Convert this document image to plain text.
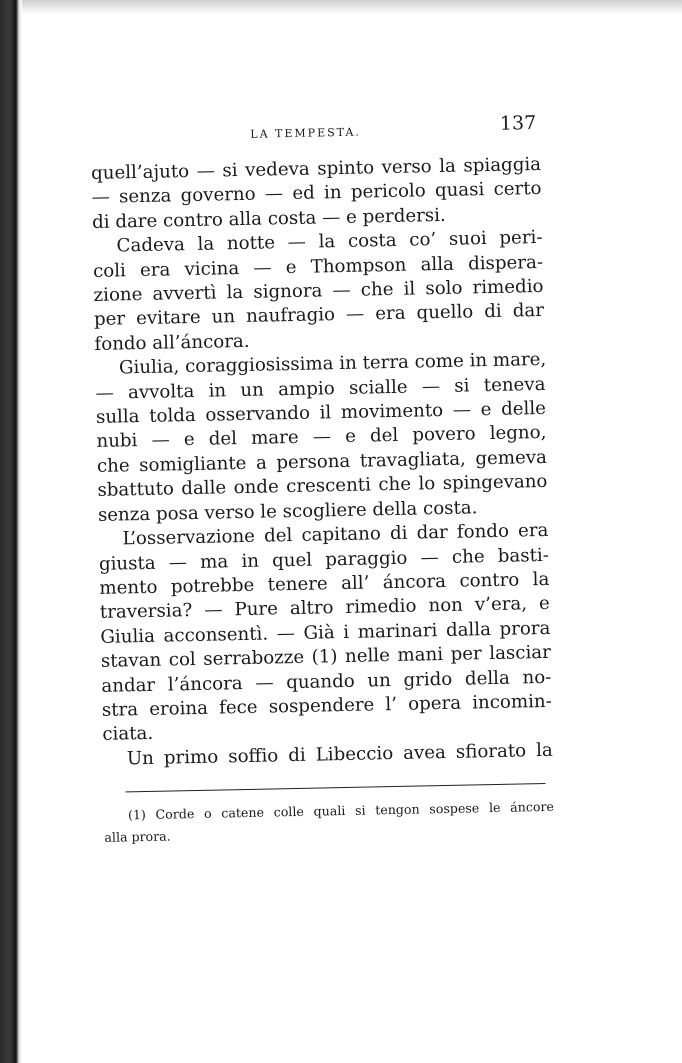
LA TEMPESTA.	137
quell’ajuto — si vedeva spinto verso la spiaggia
— senza governo — ed in pericolo quasi certo
di dare contro alla costa — e perdersi.
Cadeva la notte — la costa co’ suoi peri-
coli era vicina — e Thompson alla dispera-
zione avvertì la signora — che il solo rimedio
per evitare un naufragio — era quello di dar
fondo all’áncora.
Giulia, coraggiosissima in terra come in mare,
— avvolta in un ampio scialle — si teneva
sulla tolda osservando il movimento — e delle
nubi — e del mare — e del povero legno,
che somigliante a persona travagliata, gemeva
sbattuto dalle onde crescenti che lo spingevano
senza posa verso le scogliere della costa.
L’osservazione del capitano di dar fondo era
giusta — ma in quel paraggio — che basti-
mento potrebbe tenere all’ áncora contro la
traversia? — Pure altro rimedio non v’era, e
Giulia acconsentì. — Già i marinari dalla prora
stavan col serrabozze (1) nelle mani per lasciar
andar l’áncora — quando un grido della no-
stra eroina fece sospendere l’ opera incomin-
ciata.
Un primo soffio di Libeccio avea sfiorato la
(1) Corde o catene colle quali si tengon sospese le áncore
alla prora.
